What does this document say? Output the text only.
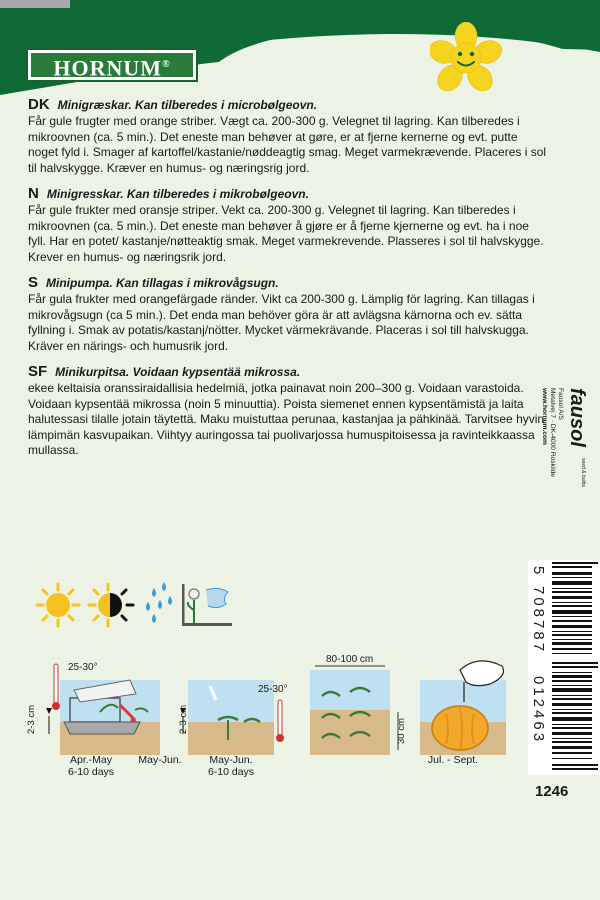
HORNUM®
DK Minigræskar. Kan tilberedes i microbølgeovn.
Får gule frugter med orange striber. Vægt ca. 200-300 g. Velegnet til lagring. Kan tilberedes i mikroovnen (ca. 5 min.). Det eneste man behøver at gøre, er at fjerne kernerne og evt. putte noget fyld i. Smager af kartoffel/kastanie/nøddeagtig smag. Meget varmekrævende. Placeres i sol til halvskygge. Kræver en humus- og næringsrig jord.
N Minigresskar. Kan tilberedes i mikrobølgeovn.
Får gule frukter med oransje striper. Vekt ca. 200-300 g. Velegnet til lagring. Kan tilberedes i mikroovnen (ca. 5 min.). Det eneste man behøver å gjøre er å fjerne kjernerne og evt. ha i noe fyll. Har en potet/ kastanje/nøtteaktig smak. Meget varmekrevende. Plasseres i sol til halvskygge. Krever en humus- og næringsrik jord.
S Minipumpa. Kan tillagas i mikrovågsugn.
Får gula frukter med orangefärgade ränder. Vikt ca 200-300 g. Lämplig för lagring. Kan tillagas i mikrovågsugn (ca 5 min.). Det enda man behöver göra är att avlägsna kärnorna och ev. sätta fyllning i. Smak av potatis/kastanj/nötter. Mycket värmekrävande. Placeras i sol till halvskugga. Kräver en närings- och humusrik jord.
SF Minikurpitsa. Voidaan kypsentää mikrossa.
ekee keltaisia oranssiraidallisia hedelmiä, jotka painavat noin 200–300 g. Voidaan varastoida. Voidaan kypsentää mikrossa (noin 5 minuuttia). Poista siemenet ennen kypsentämistä ja laita halutessasi tilalle jotain täytettä. Maku muistuttaa perunaa, kastanjaa ja pähkinää. Tarvitsee hyvin lämpimän kasvupaikan. Viihtyy auringossa tai puolivarjossa humuspitoisessa ja ravinteikkaassa mullassa.
fausol
seed & bulbs
Fausol A/S
Metalvej 7 · DK-4000 Roskilde
www.hornum.com
5
708787
012463
1246
25-30°
25-30°
80-100 cm
2-3 cm	2-3 cm	30 cm
Apr.-May
6-10 days
May-Jun.	May-Jun.
6-10 days
Jul. - Sept.
